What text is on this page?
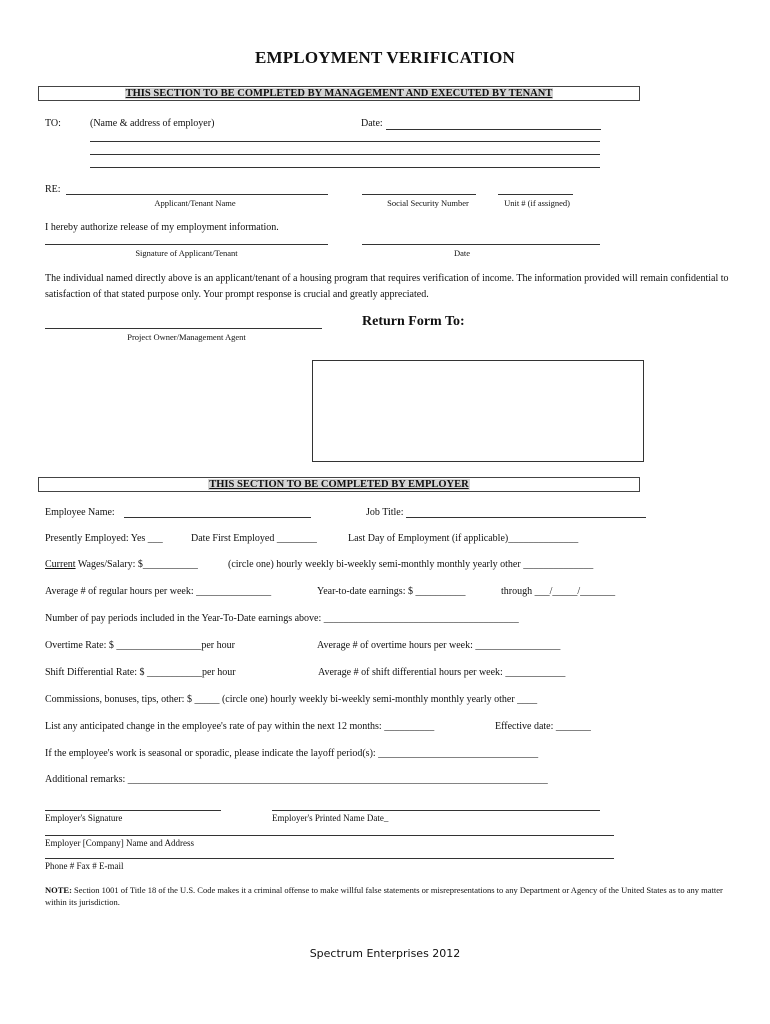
EMPLOYMENT VERIFICATION
THIS SECTION TO BE COMPLETED BY MANAGEMENT AND EXECUTED BY TENANT
TO:	(Name & address of employer)	Date:
RE:
Applicant/Tenant Name	Social Security Number	Unit # (if assigned)
I hereby authorize release of my employment information.
Signature of Applicant/Tenant	Date
The individual named directly above is an applicant/tenant of a housing program that requires verification of income. The information provided will remain confidential to satisfaction of that stated purpose only. Your prompt response is crucial and greatly appreciated.
Project Owner/Management Agent
Return Form To:
THIS SECTION TO BE COMPLETED BY EMPLOYER
Employee Name:	Job Title:
Presently Employed: Yes ___	Date First Employed ________	Last Day of Employment (if applicable)______________
Current Wages/Salary: $___________	(circle one) hourly weekly bi-weekly semi-monthly monthly yearly other ______________
Average # of regular hours per week: _______________	Year-to-date earnings: $ __________	through ___/_____/_______
Number of pay periods included in the Year-To-Date earnings above: _______________________________________
Overtime Rate: $ _________________per hour	Average # of overtime hours per week: _________________
Shift Differential Rate: $ ___________per hour	Average # of shift differential hours per week: ____________
Commissions, bonuses, tips, other: $ _____ (circle one) hourly weekly bi-weekly semi-monthly monthly yearly other ____
List any anticipated change in the employee's rate of pay within the next 12 months: __________	Effective date: _______
If the employee's work is seasonal or sporadic, please indicate the layoff period(s): ________________________________
Additional remarks: ____________________________________________________________________________________
Employer's Signature	Employer's Printed Name Date_
Employer [Company] Name and Address
Phone # Fax # E-mail
NOTE: Section 1001 of Title 18 of the U.S. Code makes it a criminal offense to make willful false statements or misrepresentations to any Department or Agency of the United States as to any matter within its jurisdiction.
Spectrum Enterprises 2012
